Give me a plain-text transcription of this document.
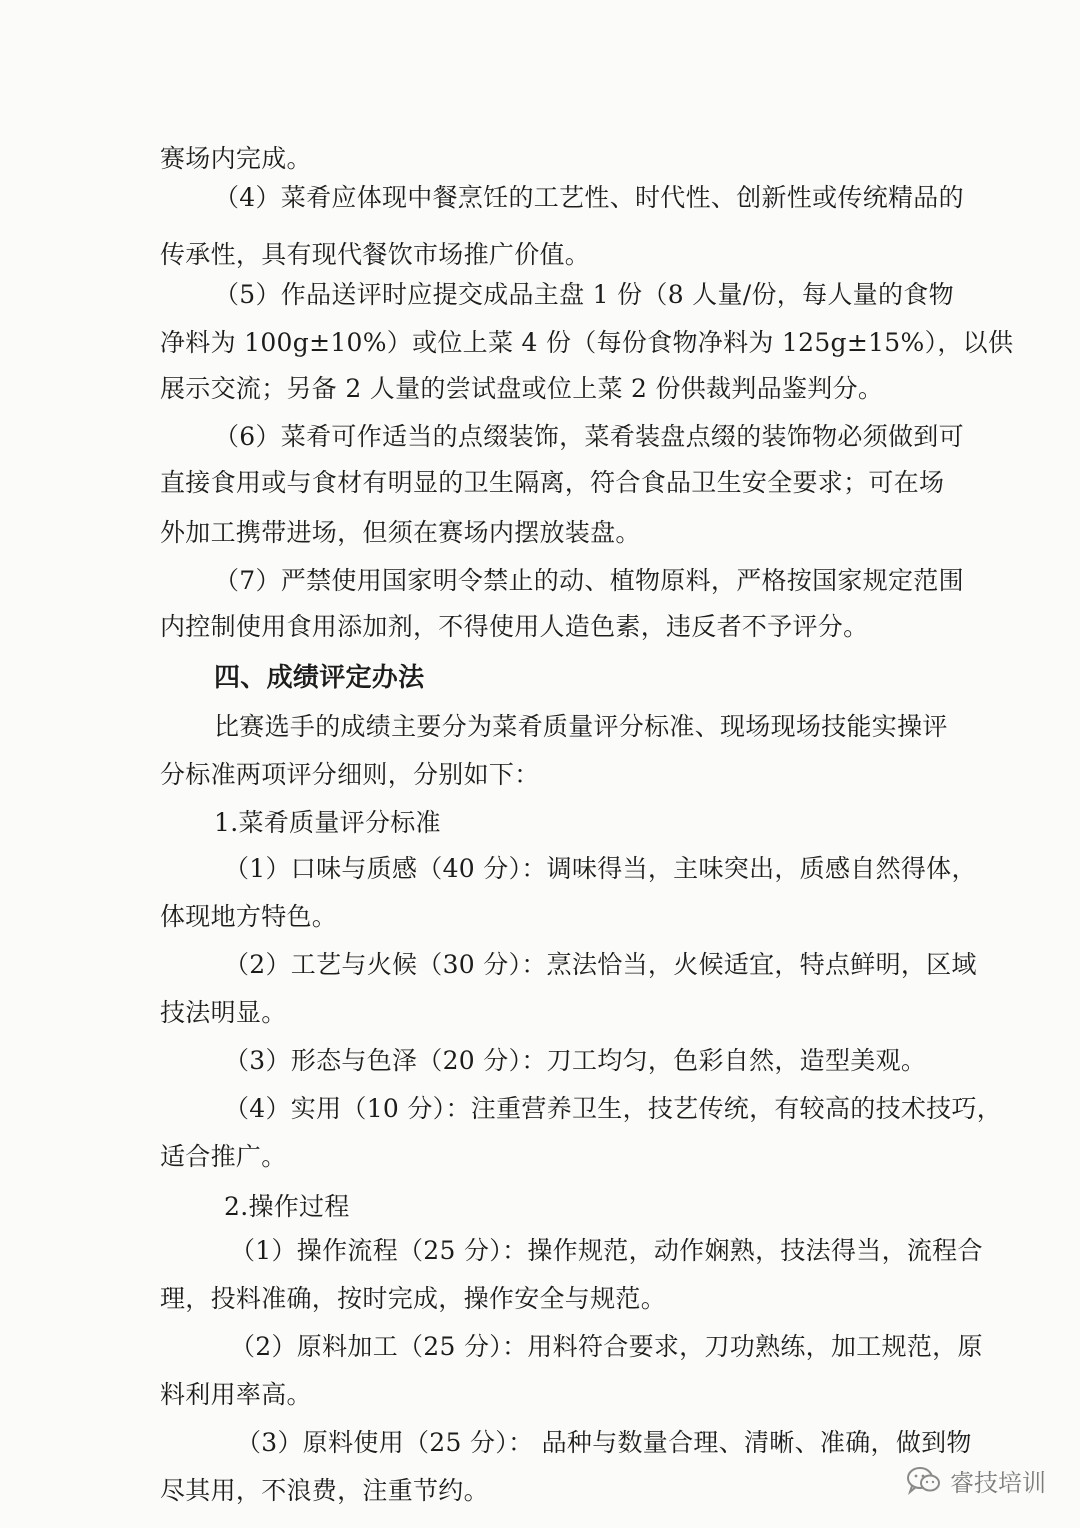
赛场内完成。
（4）菜肴应体现中餐烹饪的工艺性、时代性、创新性或传统精品的
传承性，具有现代餐饮市场推广价值。
（5）作品送评时应提交成品主盘 1 份（8 人量/份，每人量的食物
净料为 100g±10%）或位上菜 4 份（每份食物净料为 125g±15%），以供
展示交流；另备 2 人量的尝试盘或位上菜 2 份供裁判品鉴判分。
（6）菜肴可作适当的点缀装饰，菜肴装盘点缀的装饰物必须做到可
直接食用或与食材有明显的卫生隔离，符合食品卫生安全要求；可在场
外加工携带进场，但须在赛场内摆放装盘。
（7）严禁使用国家明令禁止的动、植物原料，严格按国家规定范围
内控制使用食用添加剂，不得使用人造色素，违反者不予评分。
四、成绩评定办法
比赛选手的成绩主要分为菜肴质量评分标准、现场现场技能实操评
分标准两项评分细则，分别如下：
1.菜肴质量评分标准
（1）口味与质感（40 分）：调味得当，主味突出，质感自然得体，
体现地方特色。
（2）工艺与火候（30 分）：烹法恰当，火候适宜，特点鲜明，区域
技法明显。
（3）形态与色泽（20 分）：刀工均匀，色彩自然，造型美观。
（4）实用（10 分）：注重营养卫生，技艺传统，有较高的技术技巧，
适合推广。
2.操作过程
（1）操作流程（25 分）：操作规范，动作娴熟，技法得当，流程合
理，投料准确，按时完成，操作安全与规范。
（2）原料加工（25 分）：用料符合要求，刀功熟练，加工规范，原
料利用率高。
（3）原料使用（25 分）： 品种与数量合理、清晰、准确，做到物
尽其用，不浪费，注重节约。	睿技培训
